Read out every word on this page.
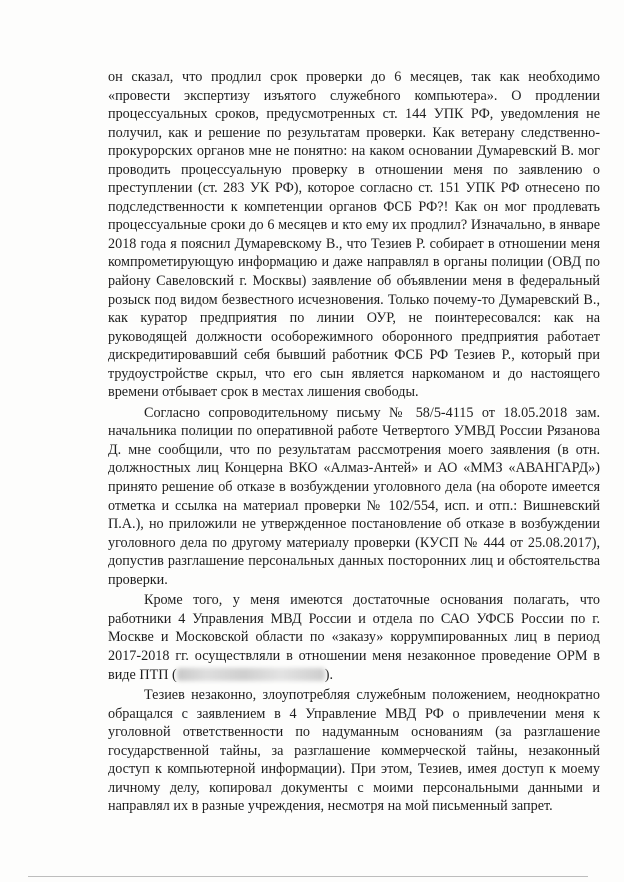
он сказал, что продлил срок проверки до 6 месяцев, так как необходимо «провести экспертизу изъятого служебного компьютера». О продлении процессуальных сроков, предусмотренных ст. 144 УПК РФ, уведомления не получил, как и решение по результатам проверки. Как ветерану следственно-прокурорских органов мне не понятно: на каком основании Думаревский В. мог проводить процессуальную проверку в отношении меня по заявлению о преступлении (ст. 283 УК РФ), которое согласно ст. 151 УПК РФ отнесено по подследственности к компетенции органов ФСБ РФ?! Как он мог продлевать процессуальные сроки до 6 месяцев и кто ему их продлил? Изначально, в январе 2018 года я пояснил Думаревскому В., что Тезиев Р. собирает в отношении меня компрометирующую информацию и даже направлял в органы полиции (ОВД по району Савеловский г. Москвы) заявление об объявлении меня в федеральный розыск под видом безвестного исчезновения. Только почему-то Думаревский В., как куратор предприятия по линии ОУР, не поинтересовался: как на руководящей должности особорежимного оборонного предприятия работает дискредитировавший себя бывший работник ФСБ РФ Тезиев Р., который при трудоустройстве скрыл, что его сын является наркоманом и до настоящего времени отбывает срок в местах лишения свободы.

Согласно сопроводительному письму № 58/5-4115 от 18.05.2018 зам. начальника полиции по оперативной работе Четвертого УМВД России Рязанова Д. мне сообщили, что по результатам рассмотрения моего заявления (в отн. должностных лиц Концерна ВКО «Алмаз-Антей» и АО «ММЗ «АВАНГАРД») принято решение об отказе в возбуждении уголовного дела (на обороте имеется отметка и ссылка на материал проверки № 102/554, исп. и отп.: Вишневский П.А.), но приложили не утвержденное постановление об отказе в возбуждении уголовного дела по другому материалу проверки (КУСП № 444 от 25.08.2017), допустив разглашение персональных данных посторонних лиц и обстоятельства проверки.

Кроме того, у меня имеются достаточные основания полагать, что работники 4 Управления МВД России и отдела по САО УФСБ России по г. Москве и Московской области по «заказу» коррумпированных лиц в период 2017-2018 гг. осуществляли в отношении меня незаконное проведение ОРМ в виде ПТП (	).

Тезиев незаконно, злоупотребляя служебным положением, неоднократно обращался с заявлением в 4 Управление МВД РФ о привлечении меня к уголовной ответственности по надуманным основаниям (за разглашение государственной тайны, за разглашение коммерческой тайны, незаконный доступ к компьютерной информации). При этом, Тезиев, имея доступ к моему личному делу, копировал документы с моими персональными данными и направлял их в разные учреждения, несмотря на мой письменный запрет.
